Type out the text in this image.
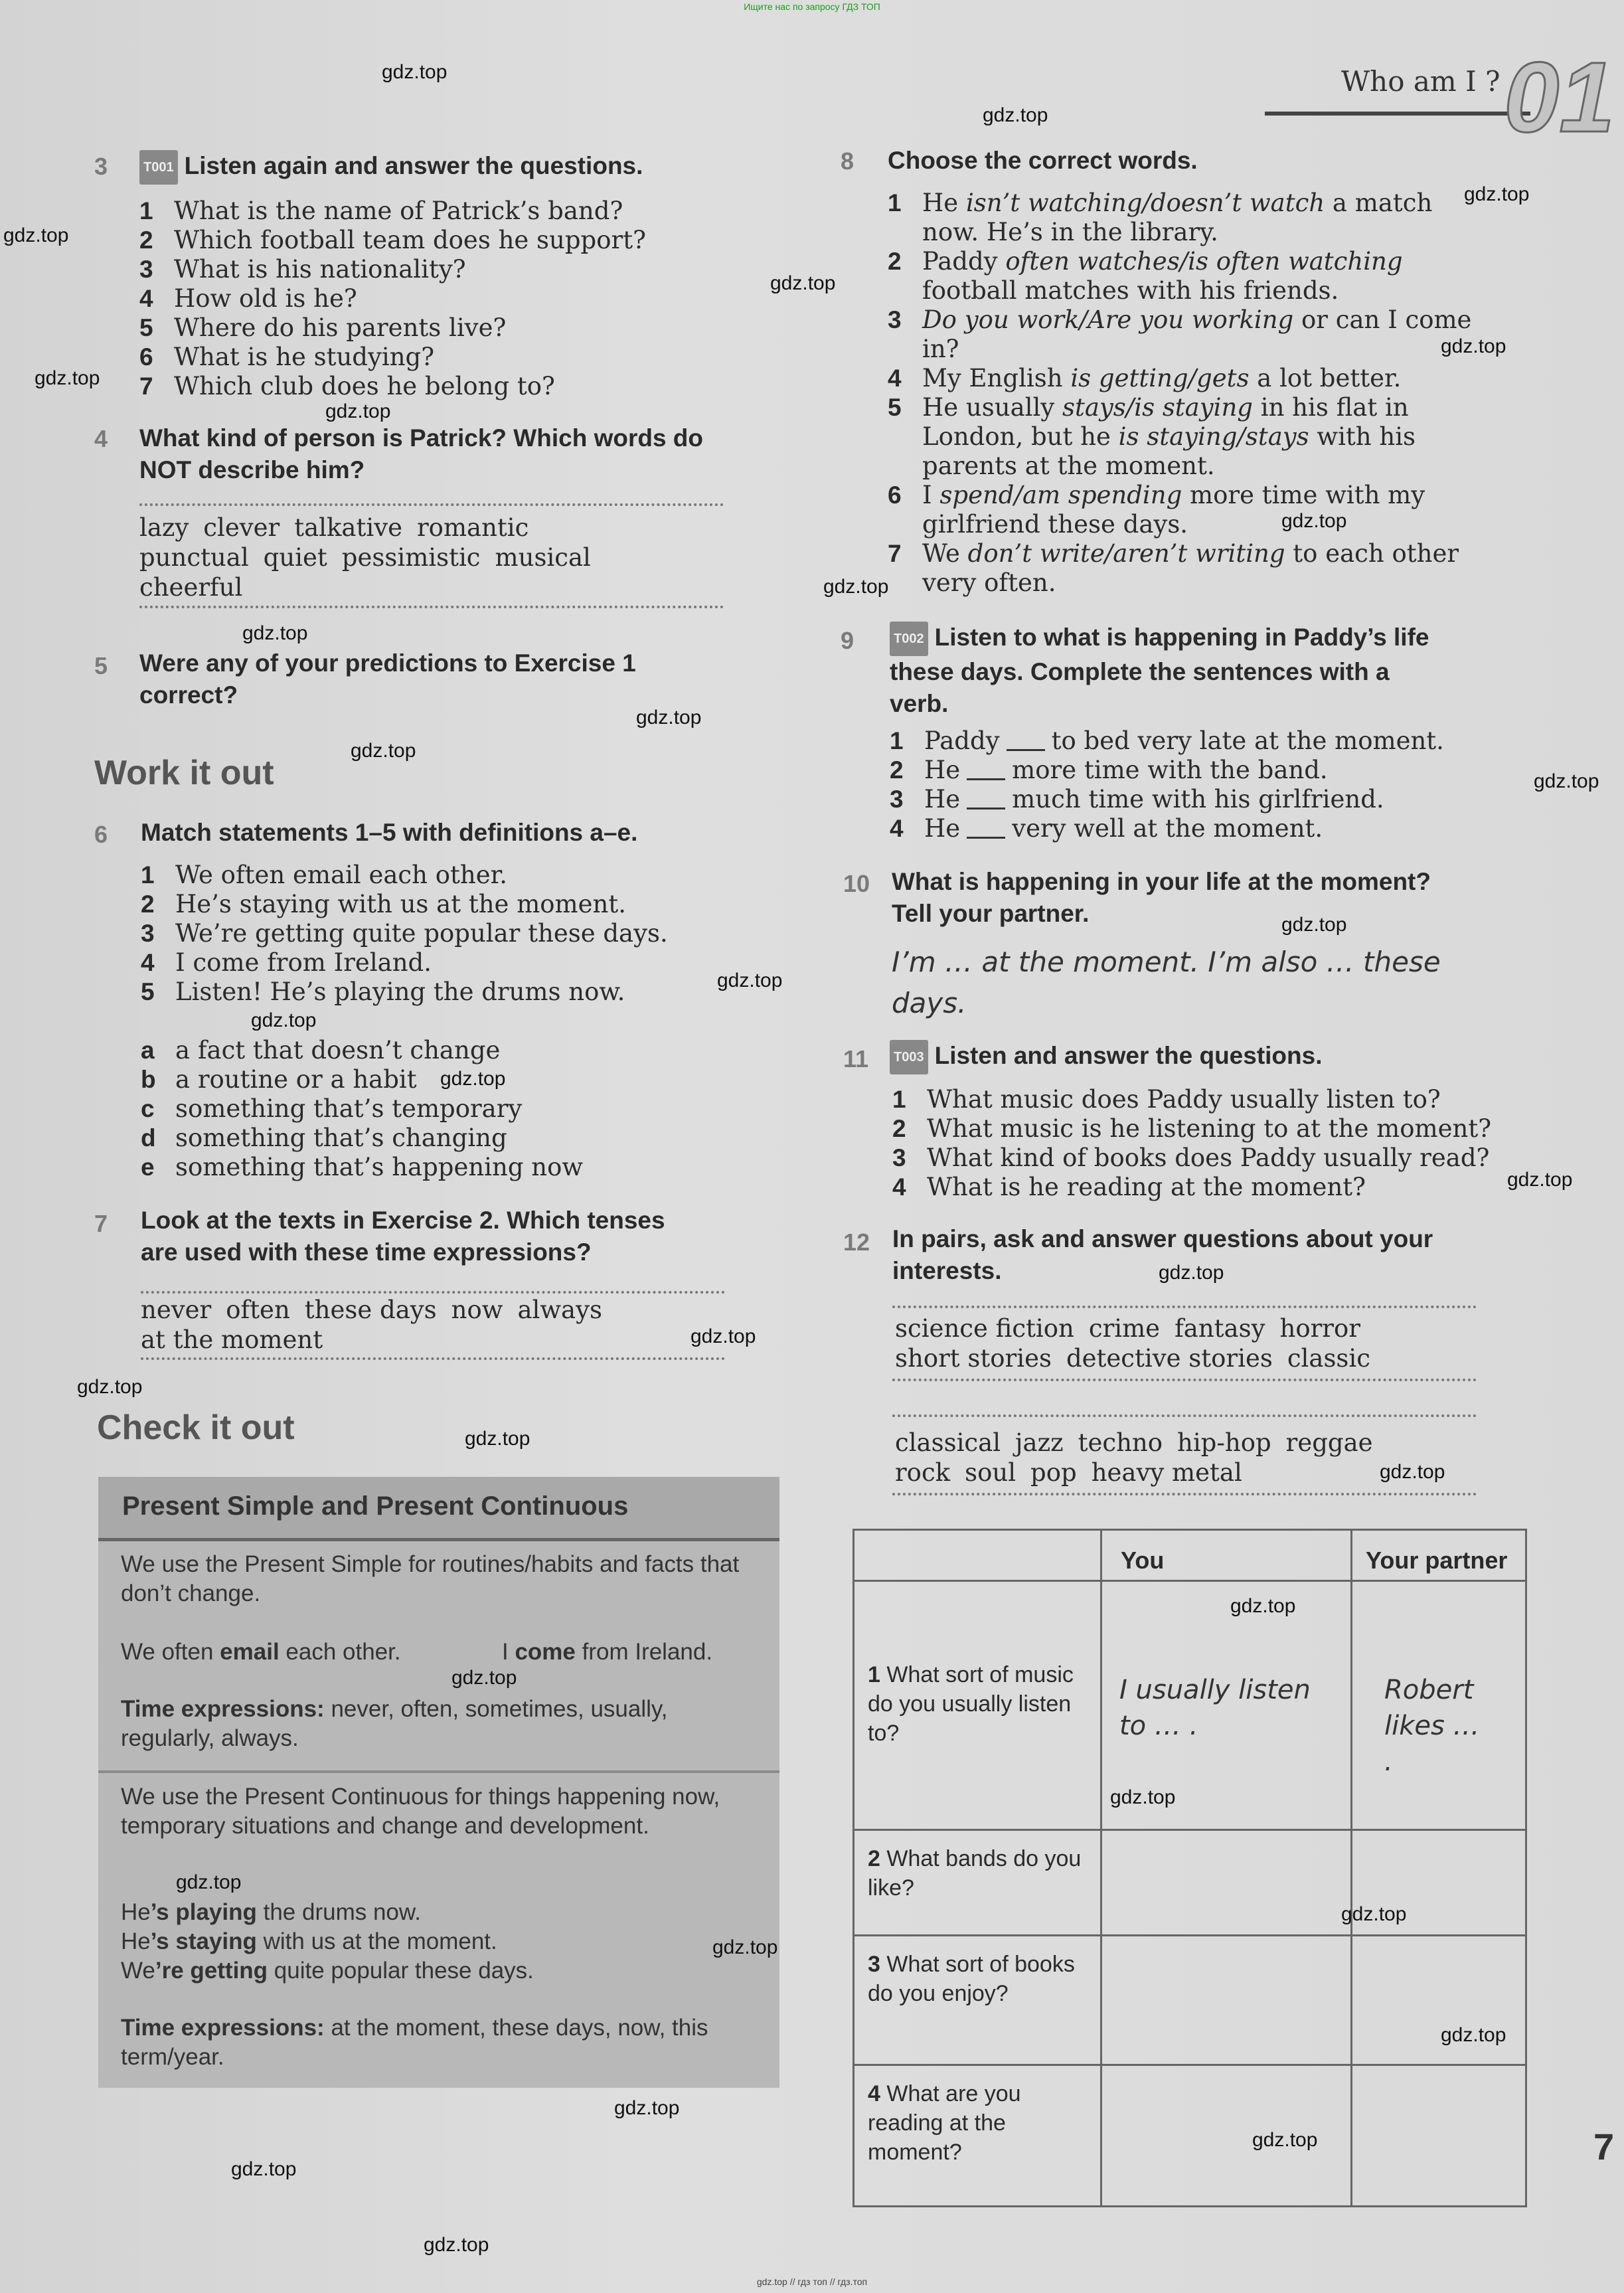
Ищите нас по запросу ГДЗ ТОП
Who am I ? 01
3	T001 Listen again and answer the questions.
1 What is the name of Patrick’s band?
2 Which football team does he support?
3 What is his nationality?
4 How old is he?
5 Where do his parents live?
6 What is he studying?
7 Which club does he belong to?
4 What kind of person is Patrick? Which words do
NOT describe him?
lazy clever talkative romantic
punctual quiet pessimistic musical
cheerful
5 Were any of your predictions to Exercise 1
correct?
Work it out
6 Match statements 1–5 with definitions a–e.
1 We often email each other.
2 He’s staying with us at the moment.
3 We’re getting quite popular these days.
4 I come from Ireland.
5 Listen! He’s playing the drums now.
a a fact that doesn’t change
b a routine or a habit
c something that’s temporary
d something that’s changing
e something that’s happening now
7 Look at the texts in Exercise 2. Which tenses
are used with these time expressions?
never often these days now always
at the moment
Check it out
Present Simple and Present Continuous
We use the Present Simple for routines/habits and facts that don’t change.
We often email each other.	I come from Ireland.
Time expressions: never, often, sometimes, usually, regularly, always.
We use the Present Continuous for things happening now, temporary situations and change and development.
He’s playing the drums now.
He’s staying with us at the moment.
We’re getting quite popular these days.
Time expressions: at the moment, these days, now, this term/year.
8 Choose the correct words.
1 He isn’t watching/doesn’t watch a match
now. He’s in the library.
2 Paddy often watches/is often watching
football matches with his friends.
3 Do you work/Are you working or can I come
in?
4 My English is getting/gets a lot better.
5 He usually stays/is staying in his flat in
London, but he is staying/stays with his
parents at the moment.
6 I spend/am spending more time with my
girlfriend these days.
7 We don’t write/aren’t writing to each other
very often.
9	T002 Listen to what is happening in Paddy’s life
these days. Complete the sentences with a
verb.
1 Paddy to bed very late at the moment.
2 He more time with the band.
3 He much time with his girlfriend.
4 He very well at the moment.
10 What is happening in your life at the moment?
Tell your partner.
I’m … at the moment. I’m also … these
days.
11	T003 Listen and answer the questions.
1 What music does Paddy usually listen to?
2 What music is he listening to at the moment?
3 What kind of books does Paddy usually read?
4 What is he reading at the moment?
12 In pairs, ask and answer questions about your
interests.
science fiction crime fantasy horror
short stories detective stories classic
classical jazz techno hip-hop reggae
rock soul pop heavy metal
	You	Your partner
1 What sort of music do you usually listen to?	I usually listen to … .	Robert likes … .

2 What bands do you like?		
3 What sort of books do you enjoy?		
4 What are you reading at the moment?			7
gdz.top
gdz.top
gdz.top
gdz.top
gdz.top
gdz.top
gdz.top
gdz.top
gdz.top
gdz.top
gdz.top
gdz.top
gdz.top
gdz.top
gdz.top
gdz.top
gdz.top
gdz.top
gdz.top
gdz.top
gdz.top
gdz.top
gdz.top
gdz.top
gdz.top
gdz.top
gdz.top
gdz.top
gdz.top
gdz.top
gdz.top
gdz.top
gdz.top
gdz.top
gdz.top
gdz.top // гдз топ // гдз.топ
